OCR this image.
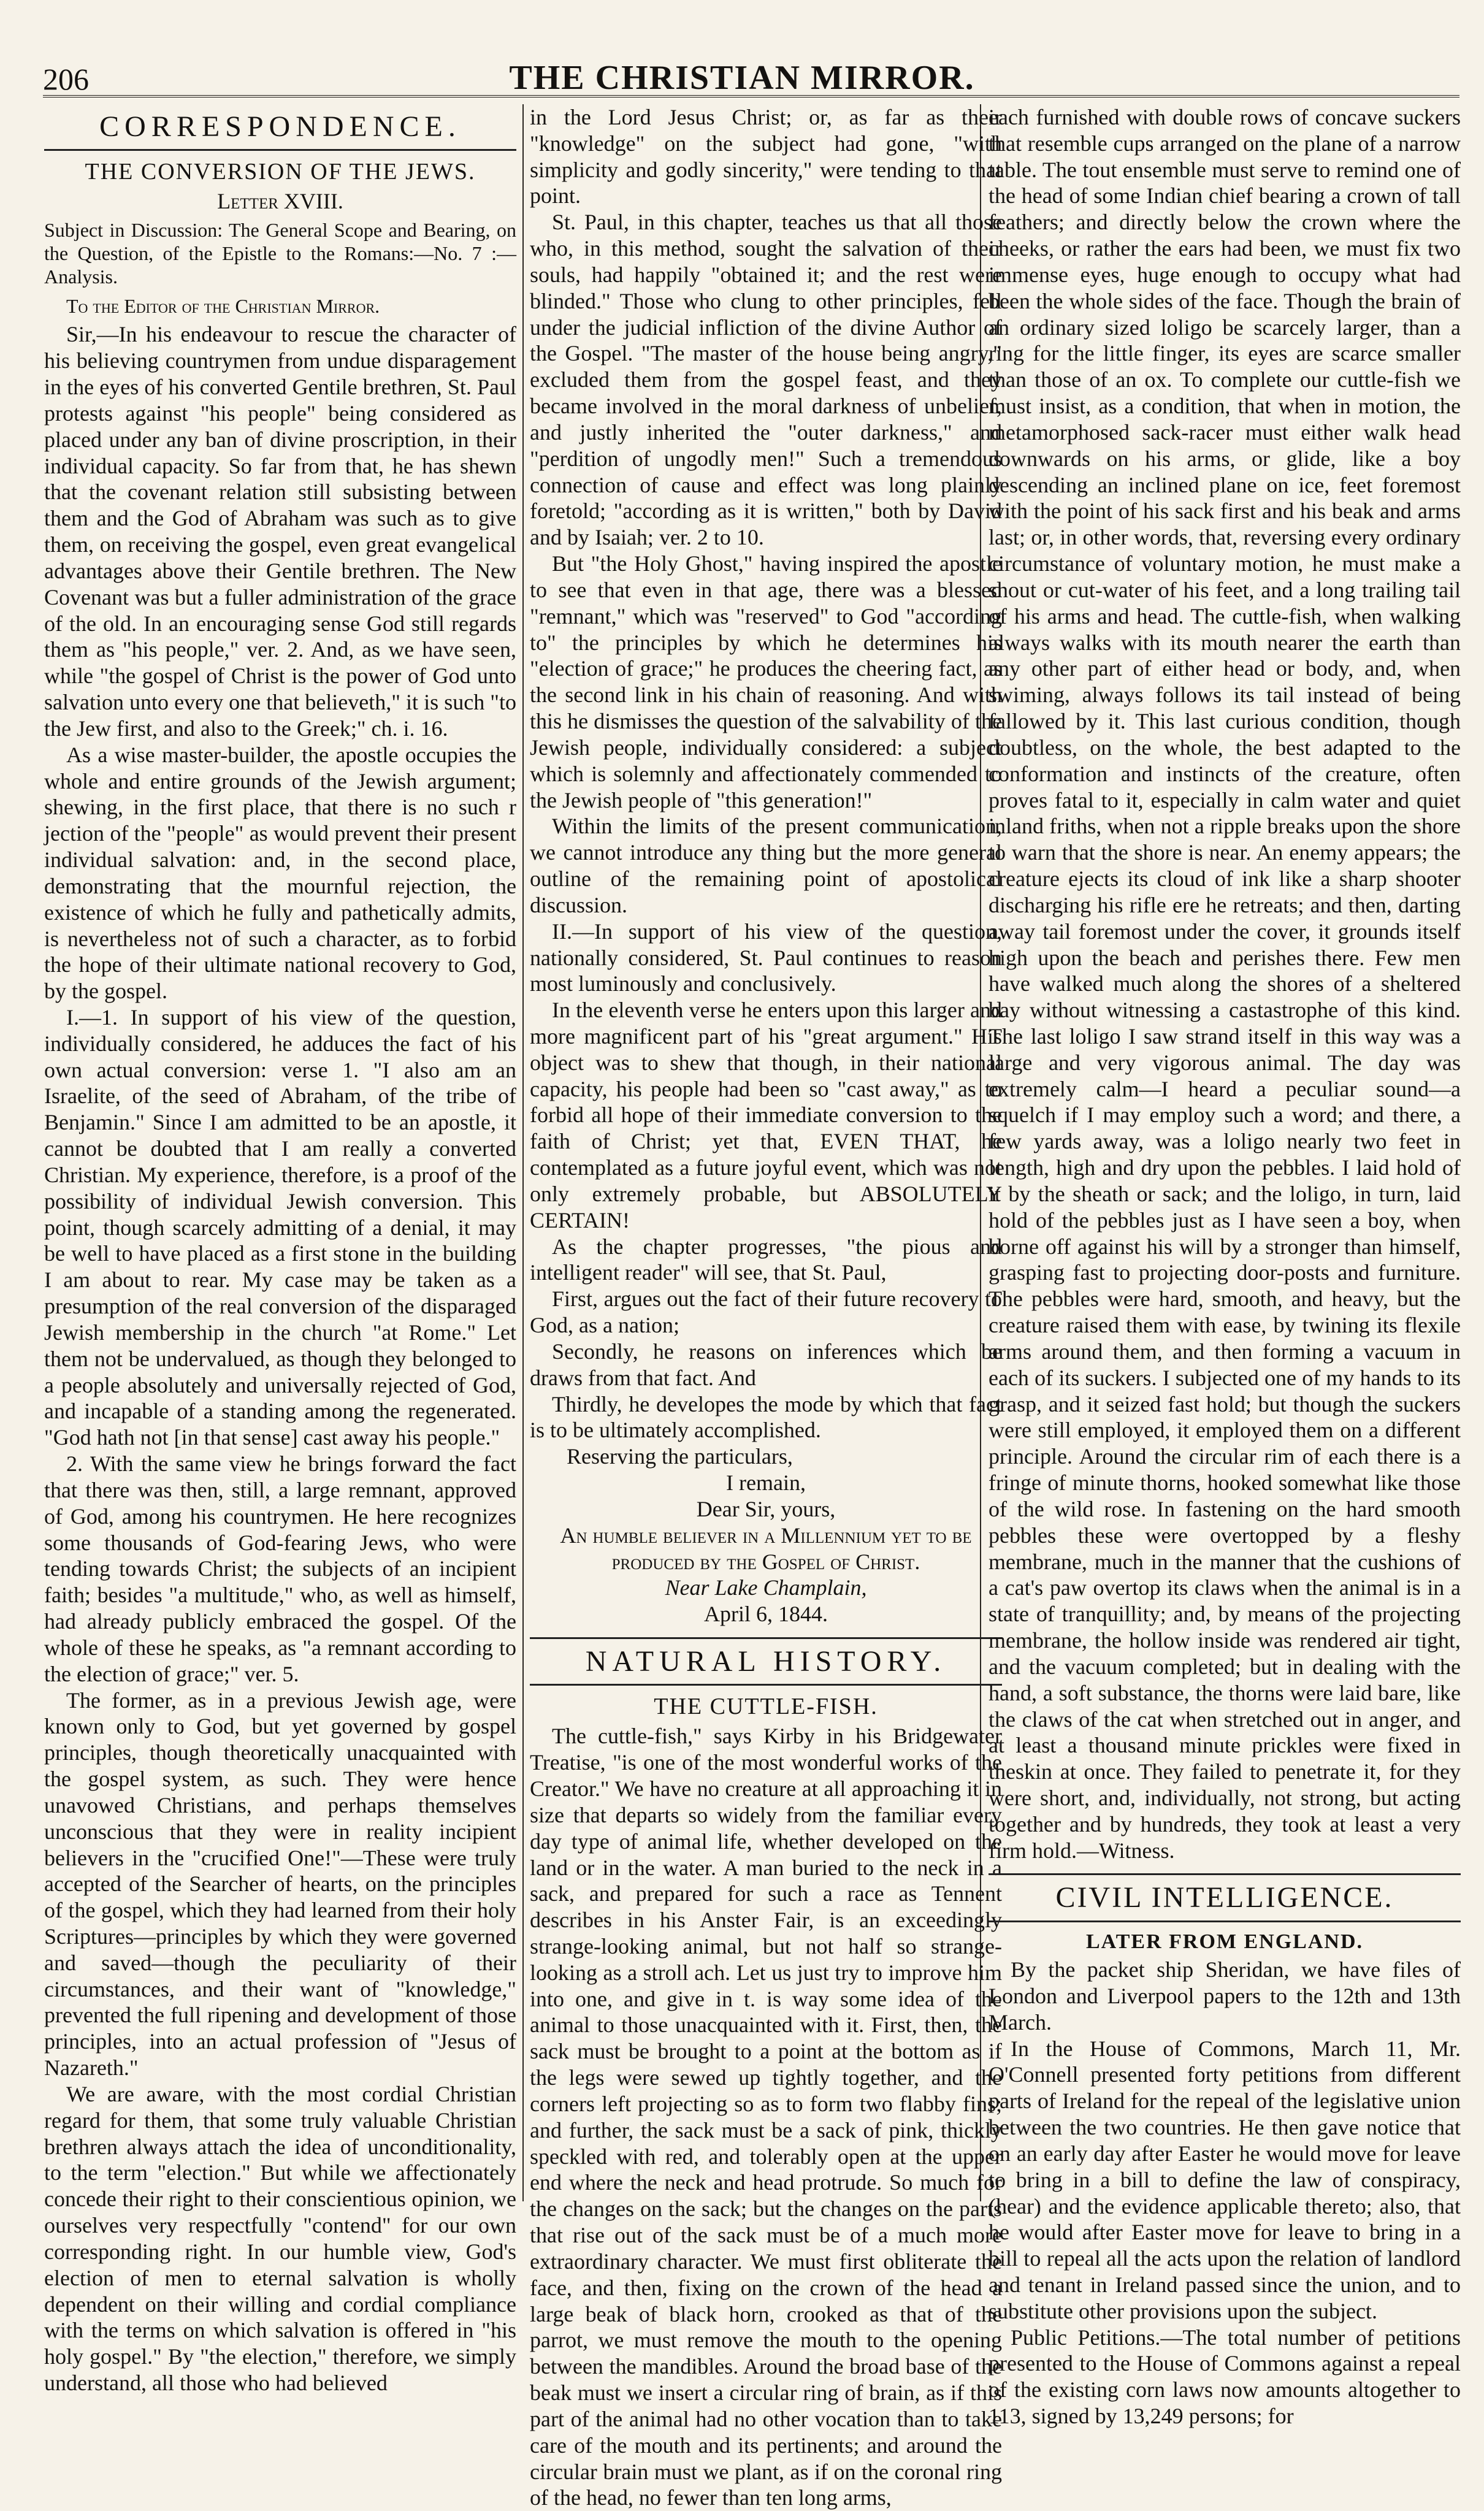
206	THE CHRISTIAN MIRROR.
CORRESPONDENCE.
THE CONVERSION OF THE JEWS.
Letter XVIII.

Subject in Discussion: The General Scope and Bearing, on the Question, of the Epistle to the Romans:—No. 7 :—Analysis.

To the Editor of the Christian Mirror.

Sir,—In his endeavour to rescue the character of his believing countrymen from undue disparagement in the eyes of his converted Gentile brethren, St. Paul protests against "his people" being considered as placed under any ban of divine proscription, in their individual capacity. So far from that, he has shewn that the covenant relation still subsisting between them and the God of Abraham was such as to give them, on receiving the gospel, even great evangelical advantages above their Gentile brethren. The New Covenant was but a fuller administration of the grace of the old. In an encouraging sense God still regards them as "his people," ver. 2. And, as we have seen, while "the gospel of Christ is the power of God unto salvation unto every one that believeth," it is such "to the Jew first, and also to the Greek;" ch. i. 16.

As a wise master-builder, the apostle occupies the whole and entire grounds of the Jewish argument; shewing, in the first place, that there is no such r jection of the "people" as would prevent their present individual salvation: and, in the second place, demonstrating that the mournful rejection, the existence of which he fully and pathetically admits, is nevertheless not of such a character, as to forbid the hope of their ultimate national recovery to God, by the gospel.

I.—1. In support of his view of the question, individually considered, he adduces the fact of his own actual conversion: verse 1. "I also am an Israelite, of the seed of Abraham, of the tribe of Benjamin." Since I am admitted to be an apostle, it cannot be doubted that I am really a converted Christian. My experience, therefore, is a proof of the possibility of individual Jewish conversion. This point, though scarcely admitting of a denial, it may be well to have placed as a first stone in the building I am about to rear. My case may be taken as a presumption of the real conversion of the disparaged Jewish membership in the church "at Rome." Let them not be undervalued, as though they belonged to a people absolutely and universally rejected of God, and incapable of a standing among the regenerated. "God hath not [in that sense] cast away his people."

2. With the same view he brings forward the fact that there was then, still, a large remnant, approved of God, among his countrymen. He here recognizes some thousands of God-fearing Jews, who were tending towards Christ; the subjects of an incipient faith; besides "a multitude," who, as well as himself, had already publicly embraced the gospel. Of the whole of these he speaks, as "a remnant according to the election of grace;" ver. 5.

The former, as in a previous Jewish age, were known only to God, but yet governed by gospel principles, though theoretically unacquainted with the gospel system, as such. They were hence unavowed Christians, and perhaps themselves unconscious that they were in reality incipient believers in the "crucified One!"—These were truly accepted of the Searcher of hearts, on the principles of the gospel, which they had learned from their holy Scriptures—principles by which they were governed and saved—though the peculiarity of their circumstances, and their want of "knowledge," prevented the full ripening and development of those principles, into an actual profession of "Jesus of Nazareth."

We are aware, with the most cordial Christian regard for them, that some truly valuable Christian brethren always attach the idea of unconditionality, to the term "election." But while we affectionately concede their right to their conscientious opinion, we ourselves very respectfully "contend" for our own corresponding right. In our humble view, God's election of men to eternal salvation is wholly dependent on their willing and cordial compliance with the terms on which salvation is offered in "his holy gospel." By "the election," therefore, we simply understand, all those who had believed

in the Lord Jesus Christ; or, as far as their "knowledge" on the subject had gone, "with simplicity and godly sincerity," were tending to that point.

St. Paul, in this chapter, teaches us that all those who, in this method, sought the salvation of their souls, had happily "obtained it; and the rest were blinded." Those who clung to other principles, fell under the judicial infliction of the divine Author of the Gospel. "The master of the house being angry," excluded them from the gospel feast, and they became involved in the moral darkness of unbelief, and justly inherited the "outer darkness," and "perdition of ungodly men!" Such a tremendous connection of cause and effect was long plainly foretold; "according as it is written," both by David and by Isaiah; ver. 2 to 10.

But "the Holy Ghost," having inspired the apostle to see that even in that age, there was a blessed "remnant," which was "reserved" to God "according to" the principles by which he determines his "election of grace;" he produces the cheering fact, as the second link in his chain of reasoning. And with this he dismisses the question of the salvability of the Jewish people, individually considered: a subject which is solemnly and affectionately commended to the Jewish people of "this generation!"

Within the limits of the present communication, we cannot introduce any thing but the more general outline of the remaining point of apostolical discussion.

II.—In support of his view of the question, nationally considered, St. Paul continues to reason most luminously and conclusively.

In the eleventh verse he enters upon this larger and more magnificent part of his "great argument." His object was to shew that though, in their national capacity, his people had been so "cast away," as to forbid all hope of their immediate conversion to the faith of Christ; yet that, EVEN THAT, he contemplated as a future joyful event, which was not only extremely probable, but ABSOLUTELY CERTAIN!

As the chapter progresses, "the pious and intelligent reader" will see, that St. Paul,

First, argues out the fact of their future recovery to God, as a nation;

Secondly, he reasons on inferences which be draws from that fact. And

Thirdly, he developes the mode by which that fact is to be ultimately accomplished.

Reserving the particulars,

I remain,

Dear Sir, yours,

An humble believer in a Millennium yet to be produced by the Gospel of Christ.

Near Lake Champlain,

April 6, 1844.

NATURAL HISTORY.
THE CUTTLE-FISH.

The cuttle-fish," says Kirby in his Bridgewater Treatise, "is one of the most wonderful works of the Creator." We have no creature at all approaching it in size that departs so widely from the familiar every day type of animal life, whether developed on the land or in the water. A man buried to the neck in a sack, and prepared for such a race as Tennent describes in his Anster Fair, is an exceedingly strange-looking animal, but not half so strange-looking as a stroll ach. Let us just try to improve him into one, and give in t. is way some idea of the animal to those unacquainted with it. First, then, the sack must be brought to a point at the bottom as if the legs were sewed up tightly together, and the corners left projecting so as to form two flabby fins; and further, the sack must be a sack of pink, thickly speckled with red, and tolerably open at the upper end where the neck and head protrude. So much for the changes on the sack; but the changes on the parts that rise out of the sack must be of a much more extraordinary character. We must first obliterate the face, and then, fixing on the crown of the head a large beak of black horn, crooked as that of the parrot, we must remove the mouth to the opening between the mandibles. Around the broad base of the beak must we insert a circular ring of brain, as if this part of the animal had no other vocation than to take care of the mouth and its pertinents; and around the circular brain must we plant, as if on the coronal ring of the head, no fewer than ten long arms,

each furnished with double rows of concave suckers that resemble cups arranged on the plane of a narrow table. The tout ensemble must serve to remind one of the head of some Indian chief bearing a crown of tall feathers; and directly below the crown where the cheeks, or rather the ears had been, we must fix two immense eyes, huge enough to occupy what had been the whole sides of the face. Though the brain of an ordinary sized loligo be scarcely larger, than a ring for the little finger, its eyes are scarce smaller than those of an ox. To complete our cuttle-fish we must insist, as a condition, that when in motion, the metamorphosed sack-racer must either walk head downwards on his arms, or glide, like a boy descending an inclined plane on ice, feet foremost with the point of his sack first and his beak and arms last; or, in other words, that, reversing every ordinary circumstance of voluntary motion, he must make a snout or cut-water of his feet, and a long trailing tail of his arms and head. The cuttle-fish, when walking always walks with its mouth nearer the earth than any other part of either head or body, and, when swiming, always follows its tail instead of being fallowed by it. This last curious condition, though doubtless, on the whole, the best adapted to the conformation and instincts of the creature, often proves fatal to it, especially in calm water and quiet inland friths, when not a ripple breaks upon the shore to warn that the shore is near. An enemy appears; the creature ejects its cloud of ink like a sharp shooter discharging his rifle ere he retreats; and then, darting away tail foremost under the cover, it grounds itself high upon the beach and perishes there. Few men have walked much along the shores of a sheltered bay without witnessing a castastrophe of this kind. The last loligo I saw strand itself in this way was a large and very vigorous animal. The day was extremely calm—I heard a peculiar sound—a squelch if I may employ such a word; and there, a few yards away, was a loligo nearly two feet in length, high and dry upon the pebbles. I laid hold of it by the sheath or sack; and the loligo, in turn, laid hold of the pebbles just as I have seen a boy, when borne off against his will by a stronger than himself, grasping fast to projecting door-posts and furniture. The pebbles were hard, smooth, and heavy, but the creature raised them with ease, by twining its flexile arms around them, and then forming a vacuum in each of its suckers. I subjected one of my hands to its grasp, and it seized fast hold; but though the suckers were still employed, it employed them on a different principle. Around the circular rim of each there is a fringe of minute thorns, hooked somewhat like those of the wild rose. In fastening on the hard smooth pebbles these were overtopped by a fleshy membrane, much in the manner that the cushions of a cat's paw overtop its claws when the animal is in a state of tranquillity; and, by means of the projecting membrane, the hollow inside was rendered air tight, and the vacuum completed; but in dealing with the hand, a soft substance, the thorns were laid bare, like the claws of the cat when stretched out in anger, and at least a thousand minute prickles were fixed in theskin at once. They failed to penetrate it, for they were short, and, individually, not strong, but acting together and by hundreds, they took at least a very firm hold.—Witness.

CIVIL INTELLIGENCE.
LATER FROM ENGLAND.

By the packet ship Sheridan, we have files of London and Liverpool papers to the 12th and 13th March.

In the House of Commons, March 11, Mr. O'Connell presented forty petitions from different parts of Ireland for the repeal of the legislative union between the two countries. He then gave notice that on an early day after Easter he would move for leave to bring in a bill to define the law of conspiracy, (hear) and the evidence applicable thereto; also, that he would after Easter move for leave to bring in a bill to repeal all the acts upon the relation of landlord and tenant in Ireland passed since the union, and to substitute other provisions upon the subject.

Public Petitions.—The total number of petitions presented to the House of Commons against a repeal of the existing corn laws now amounts altogether to 113, signed by 13,249 persons; for
